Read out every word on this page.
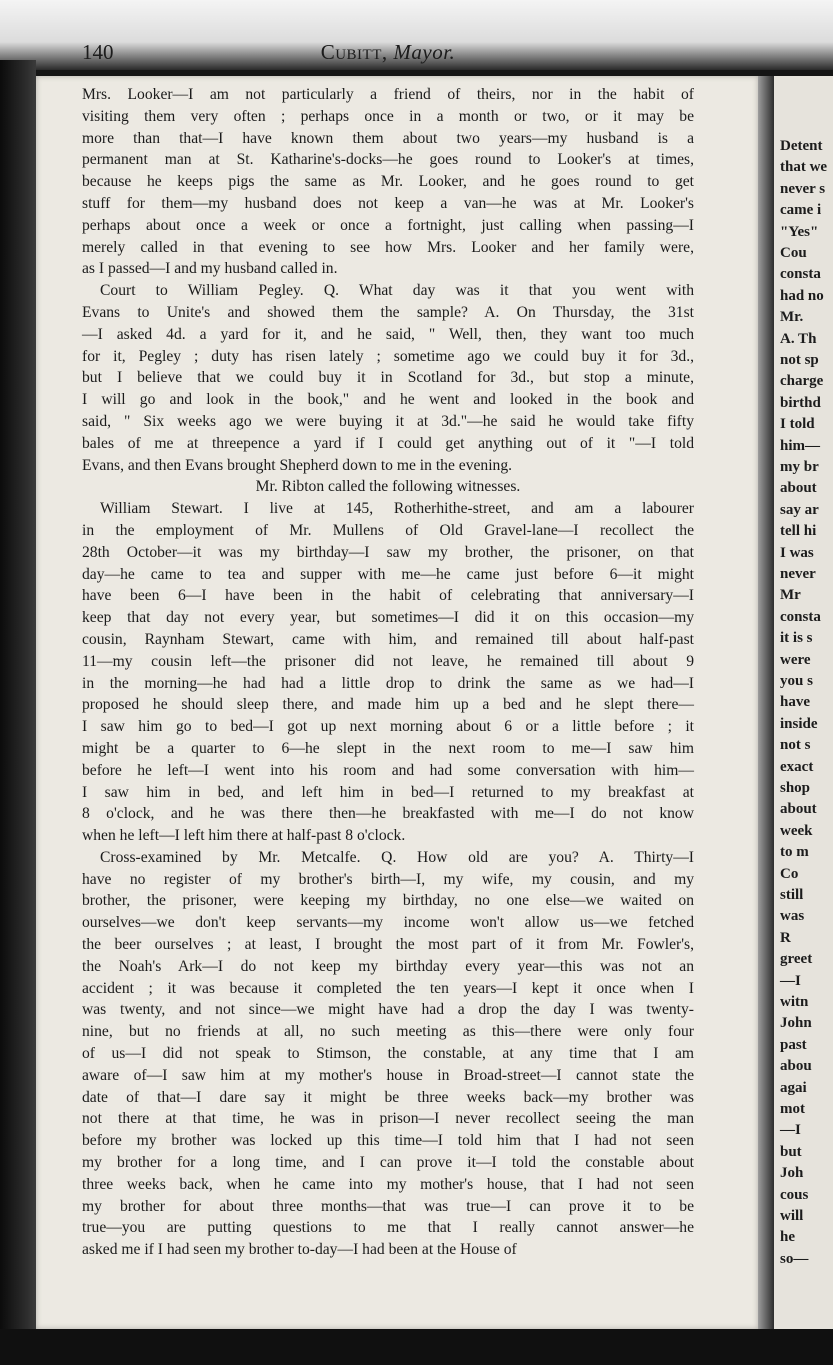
Detent
that we
never s
came i
"Yes"
Cou
consta
had no
Mr.
A. Th
not sp
charge
birthd
I told
him—
my br
about
say ar
tell hi
I was
never
Mr
consta
it is s
were
you s
have
inside
not s
exact
shop
about
week
to m
Co
still
was
R
greet
—I
witn
John
past
abou
agai
mot
—I
but
Joh
cous
will
he
so—
140	Cubitt, Mayor.
Mrs. Looker—I am not particularly a friend of theirs, nor in the habit of
visiting them very often ; perhaps once in a month or two, or it may be
more than that—I have known them about two years—my husband is a
permanent man at St. Katharine's-docks—he goes round to Looker's at times,
because he keeps pigs the same as Mr. Looker, and he goes round to get
stuff for them—my husband does not keep a van—he was at Mr. Looker's
perhaps about once a week or once a fortnight, just calling when passing—I
merely called in that evening to see how Mrs. Looker and her family were,
as I passed—I and my husband called in.
Court to William Pegley. Q. What day was it that you went with
Evans to Unite's and showed them the sample? A. On Thursday, the 31st
—I asked 4d. a yard for it, and he said, " Well, then, they want too much
for it, Pegley ; duty has risen lately ; sometime ago we could buy it for 3d.,
but I believe that we could buy it in Scotland for 3d., but stop a minute,
I will go and look in the book," and he went and looked in the book and
said, " Six weeks ago we were buying it at 3d."—he said he would take fifty
bales of me at threepence a yard if I could get anything out of it "—I told
Evans, and then Evans brought Shepherd down to me in the evening.
Mr. Ribton called the following witnesses.
William Stewart. I live at 145, Rotherhithe-street, and am a labourer
in the employment of Mr. Mullens of Old Gravel-lane—I recollect the
28th October—it was my birthday—I saw my brother, the prisoner, on that
day—he came to tea and supper with me—he came just before 6—it might
have been 6—I have been in the habit of celebrating that anniversary—I
keep that day not every year, but sometimes—I did it on this occasion—my
cousin, Raynham Stewart, came with him, and remained till about half-past
11—my cousin left—the prisoner did not leave, he remained till about 9
in the morning—he had had a little drop to drink the same as we had—I
proposed he should sleep there, and made him up a bed and he slept there—
I saw him go to bed—I got up next morning about 6 or a little before ; it
might be a quarter to 6—he slept in the next room to me—I saw him
before he left—I went into his room and had some conversation with him—
I saw him in bed, and left him in bed—I returned to my breakfast at
8 o'clock, and he was there then—he breakfasted with me—I do not know
when he left—I left him there at half-past 8 o'clock.
Cross-examined by Mr. Metcalfe. Q. How old are you? A. Thirty—I
have no register of my brother's birth—I, my wife, my cousin, and my
brother, the prisoner, were keeping my birthday, no one else—we waited on
ourselves—we don't keep servants—my income won't allow us—we fetched
the beer ourselves ; at least, I brought the most part of it from Mr. Fowler's,
the Noah's Ark—I do not keep my birthday every year—this was not an
accident ; it was because it completed the ten years—I kept it once when I
was twenty, and not since—we might have had a drop the day I was twenty-
nine, but no friends at all, no such meeting as this—there were only four
of us—I did not speak to Stimson, the constable, at any time that I am
aware of—I saw him at my mother's house in Broad-street—I cannot state the
date of that—I dare say it might be three weeks back—my brother was
not there at that time, he was in prison—I never recollect seeing the man
before my brother was locked up this time—I told him that I had not seen
my brother for a long time, and I can prove it—I told the constable about
three weeks back, when he came into my mother's house, that I had not seen
my brother for about three months—that was true—I can prove it to be
true—you are putting questions to me that I really cannot answer—he
asked me if I had seen my brother to-day—I had been at the House of
